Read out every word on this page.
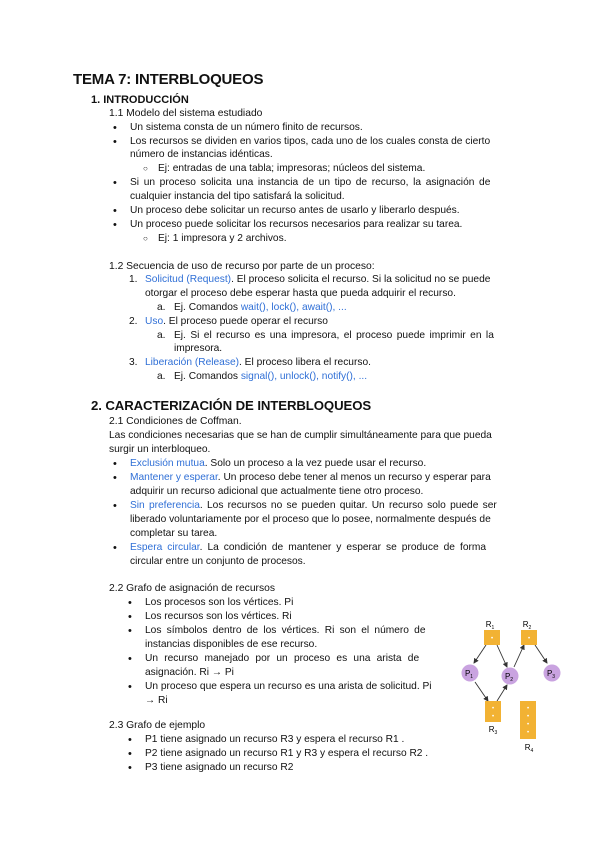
TEMA 7: INTERBLOQUEOS
1. INTRODUCCIÓN
1.1 Modelo del sistema estudiado
• Un sistema consta de un número finito de recursos.
• Los recursos se dividen en varios tipos, cada uno de los cuales consta de cierto
número de instancias idénticas.
○ Ej: entradas de una tabla; impresoras; núcleos del sistema.
• Si un proceso solicita una instancia de un tipo de recurso, la asignación de
cualquier instancia del tipo satisfará la solicitud.
• Un proceso debe solicitar un recurso antes de usarlo y liberarlo después.
• Un proceso puede solicitar los recursos necesarios para realizar su tarea.
○ Ej: 1 impresora y 2 archivos.
1.2 Secuencia de uso de recurso por parte de un proceso:
1. Solicitud (Request). El proceso solicita el recurso. Si la solicitud no se puede
otorgar el proceso debe esperar hasta que pueda adquirir el recurso.
a. Ej. Comandos wait(), lock(), await(), ...
2. Uso. El proceso puede operar el recurso
a. Ej. Si el recurso es una impresora, el proceso puede imprimir en la
impresora.
3. Liberación (Release). El proceso libera el recurso.
a. Ej. Comandos signal(), unlock(), notify(), ...
2. CARACTERIZACIÓN DE INTERBLOQUEOS
2.1 Condiciones de Coffman.
Las condiciones necesarias que se han de cumplir simultáneamente para que pueda
surgir un interbloqueo.
• Exclusión mutua. Solo un proceso a la vez puede usar el recurso.
• Mantener y esperar. Un proceso debe tener al menos un recurso y esperar para
adquirir un recurso adicional que actualmente tiene otro proceso.
• Sin preferencia. Los recursos no se pueden quitar. Un recurso solo puede ser
liberado voluntariamente por el proceso que lo posee, normalmente después de
completar su tarea.
• Espera circular. La condición de mantener y esperar se produce de forma
circular entre un conjunto de procesos.
2.2 Grafo de asignación de recursos
• Los procesos son los vértices. Pi
• Los recursos son los vértices. Ri
• Los símbolos dentro de los vértices. Ri son el número de
instancias disponibles de ese recurso.
• Un recurso manejado por un proceso es una arista de
asignación. Ri → Pi
• Un proceso que espera un recurso es una arista de solicitud. Pi
→ Ri
2.3 Grafo de ejemplo
• P1 tiene asignado un recurso R3 y espera el recurso R1 .
• P2 tiene asignado un recurso R1 y R3 y espera el recurso R2 .
• P3 tiene asignado un recurso R2
•
$R_1$
•
$R_2$
•
•
$R_3$
•
•
•
•
$R_4$
$P_1$	$P_2$
$P_3$
